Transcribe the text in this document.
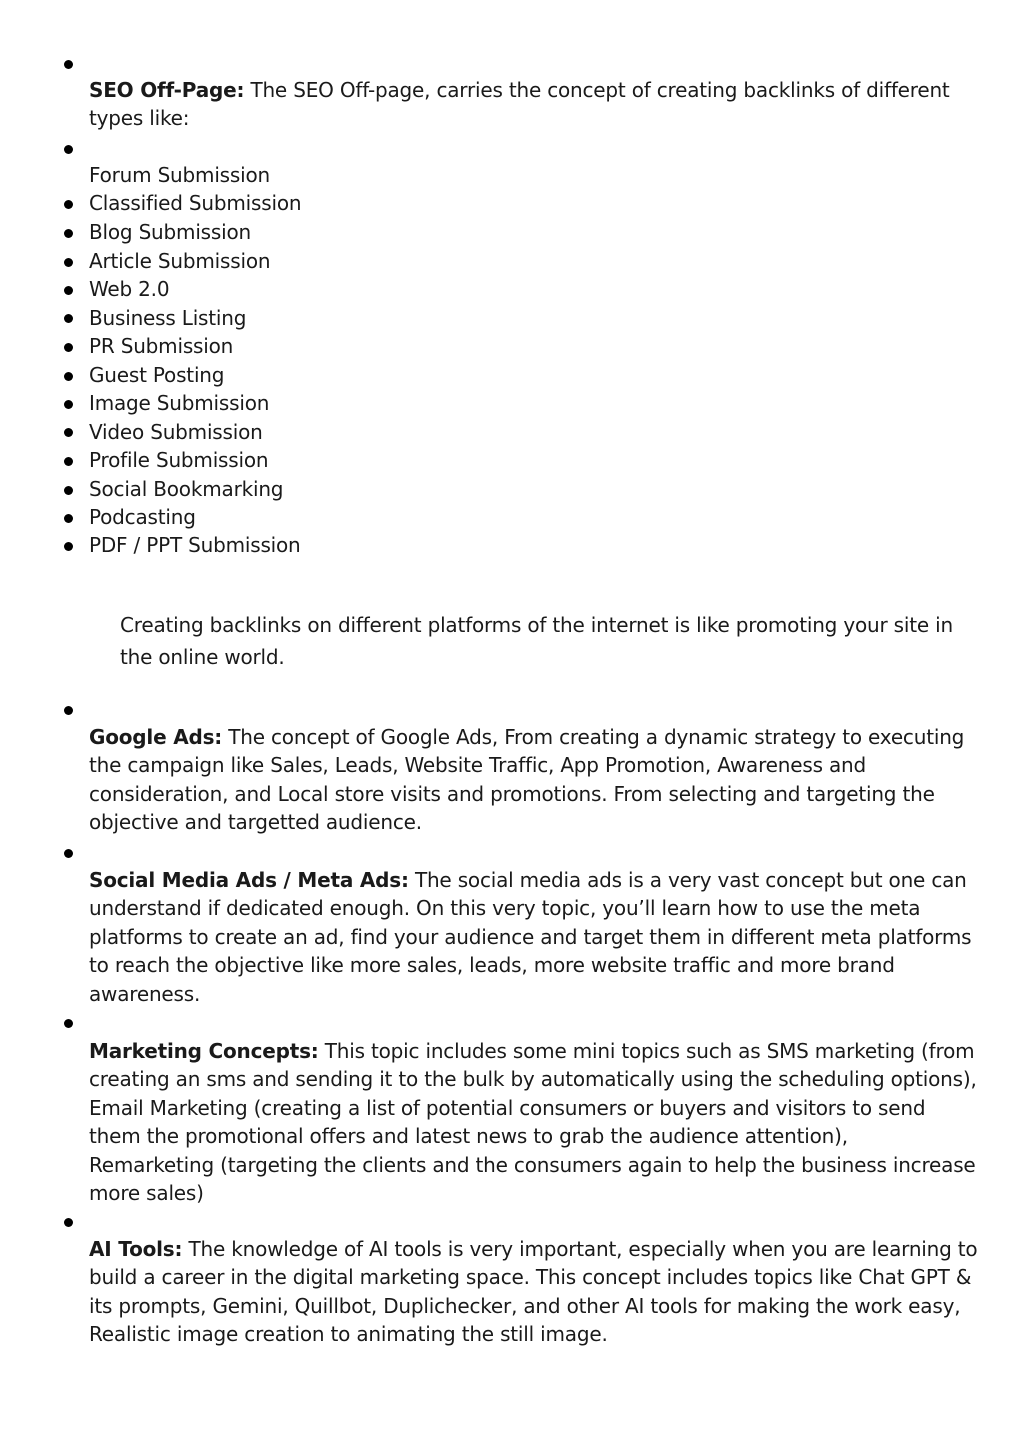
SEO Off-Page: The SEO Off-page, carries the concept of creating backlinks of different types like:
Forum Submission
Classified Submission
Blog Submission
Article Submission
Web 2.0
Business Listing
PR Submission
Guest Posting
Image Submission
Video Submission
Profile Submission
Social Bookmarking
Podcasting
PDF / PPT Submission
Creating backlinks on different platforms of the internet is like promoting your site in the online world.
Google Ads: The concept of Google Ads, From creating a dynamic strategy to executing the campaign like Sales, Leads, Website Traffic, App Promotion, Awareness and consideration, and Local store visits and promotions. From selecting and targeting the objective and targetted audience.
Social Media Ads / Meta Ads: The social media ads is a very vast concept but one can understand if dedicated enough. On this very topic, you’ll learn how to use the meta platforms to create an ad, find your audience and target them in different meta platforms to reach the objective like more sales, leads, more website traffic and more brand awareness.
Marketing Concepts: This topic includes some mini topics such as SMS marketing (from creating an sms and sending it to the bulk by automatically using the scheduling options), Email Marketing (creating a list of potential consumers or buyers and visitors to send them the promotional offers and latest news to grab the audience attention), Remarketing (targeting the clients and the consumers again to help the business increase more sales)
AI Tools: The knowledge of AI tools is very important, especially when you are learning to build a career in the digital marketing space. This concept includes topics like Chat GPT & its prompts, Gemini, Quillbot, Duplichecker, and other AI tools for making the work easy, Realistic image creation to animating the still image.
